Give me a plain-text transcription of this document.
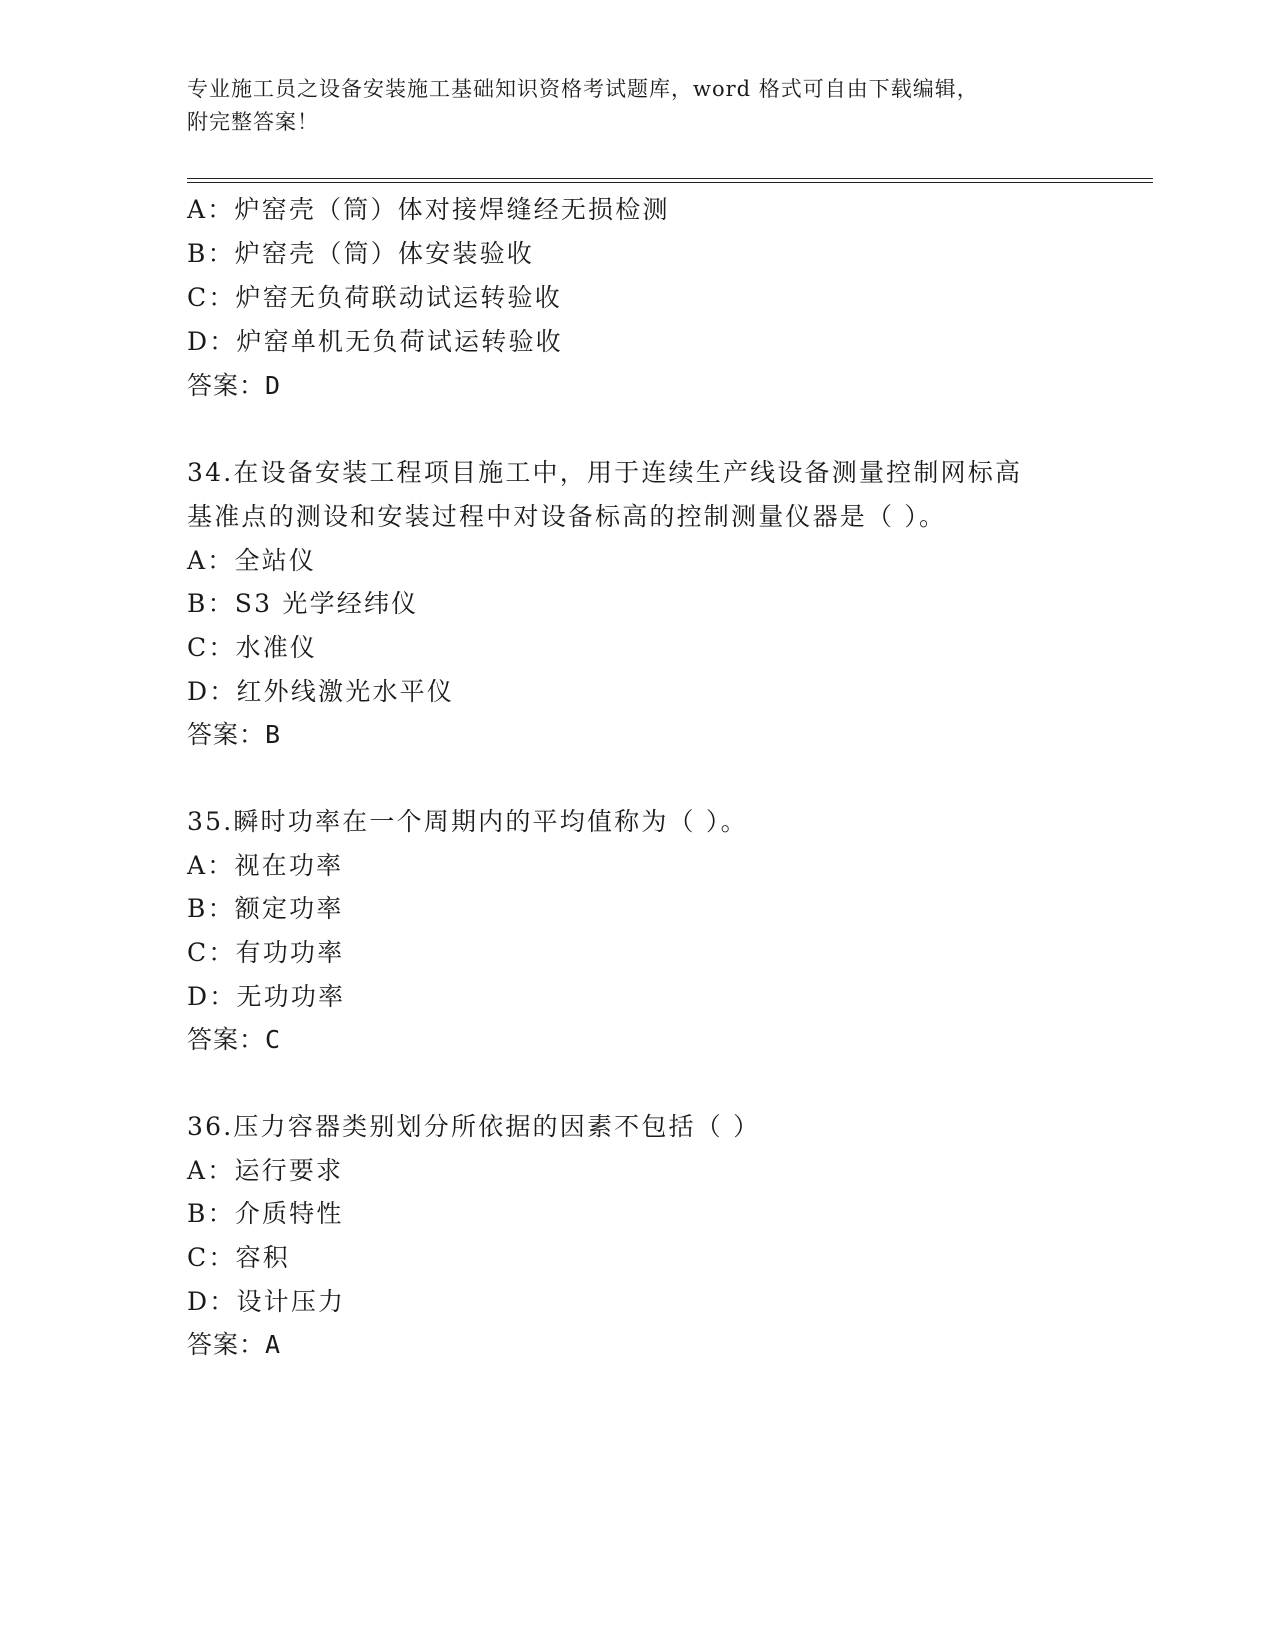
专业施工员之设备安装施工基础知识资格考试题库，word 格式可自由下载编辑，
附完整答案！
A：炉窑壳（筒）体对接焊缝经无损检测
B：炉窑壳（筒）体安装验收
C：炉窑无负荷联动试运转验收
D：炉窑单机无负荷试运转验收
答案：D
34.在设备安装工程项目施工中，用于连续生产线设备测量控制网标高
基准点的测设和安装过程中对设备标高的控制测量仪器是（ ）。
A：全站仪
B：S3 光学经纬仪
C：水准仪
D：红外线激光水平仪
答案：B
35.瞬时功率在一个周期内的平均值称为（ ）。
A：视在功率
B：额定功率
C：有功功率
D：无功功率
答案：C
36.压力容器类别划分所依据的因素不包括（ ）
A：运行要求
B：介质特性
C：容积
D：设计压力
答案：A
